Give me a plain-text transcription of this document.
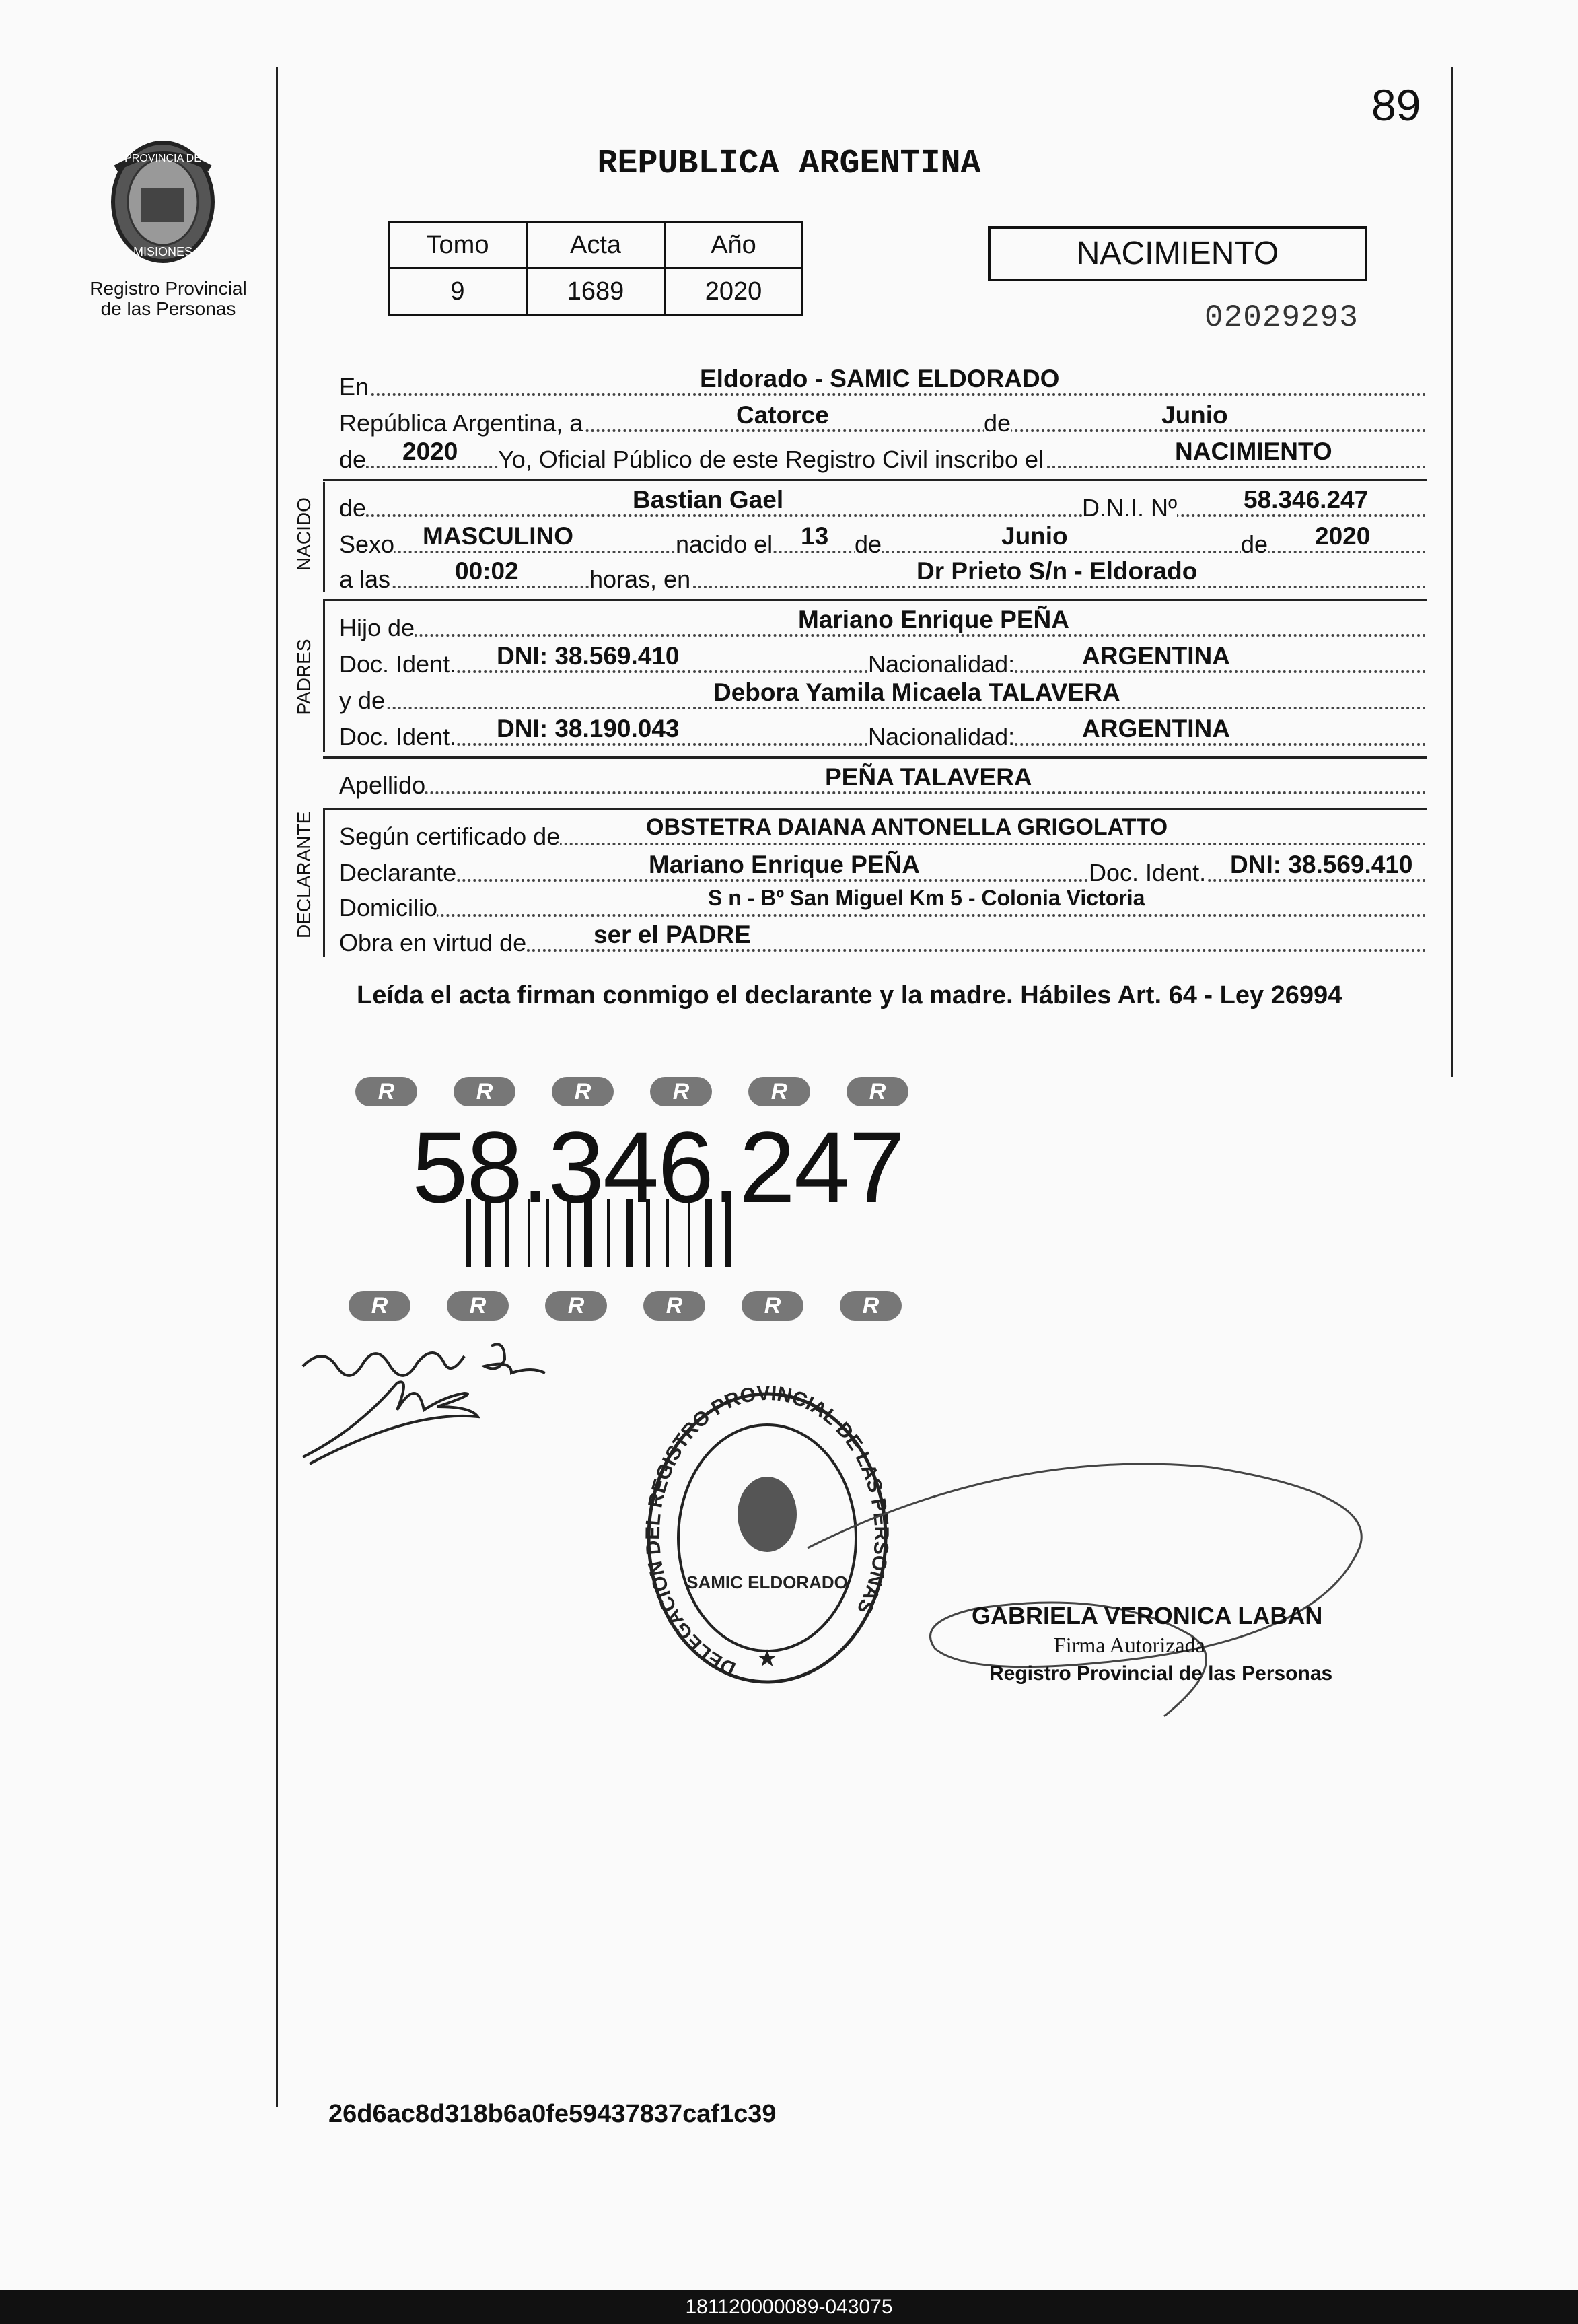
89
REPUBLICA ARGENTINA
PROVINCIA DE
MISIONES
Registro Provincial de las Personas
Tomo	Acta	Año
9	1689	2020
NACIMIENTO
02029293
En	Eldorado - SAMIC ELDORADO
República Argentina, a	Catorce	de	Junio
de 2020 Yo, Oficial Público de este Registro Civil inscribo el	NACIMIENTO
NACIDO de	Bastian Gael	D.N.I. Nº	58.346.247
Sexo MASCULINO	nacido el 13 de	Junio	de 2020
a las	00:02	horas, en	Dr Prieto S/n - Eldorado
PADRES
Hijo de	Mariano Enrique PEÑA
Doc. Ident. DNI: 38.569.410	Nacionalidad:	ARGENTINA
y de	Debora Yamila Micaela TALAVERA
Doc. Ident. DNI: 38.190.043	Nacionalidad:	ARGENTINA
Apellido	PEÑA TALAVERA
DECLARANTE Según certificado de	OBSTETRA DAIANA ANTONELLA GRIGOLATTO
Declarante	Mariano Enrique PEÑA	Doc. Ident. DNI: 38.569.410
Domicilio	S n - Bº San Miguel Km 5 - Colonia Victoria
Obra en virtud de	ser el PADRE
Leída el acta firman conmigo el declarante y la madre. Hábiles Art. 64 - Ley 26994
R	R	R	R	R	R
R	R	R	R	R	R
58.346.247
DELEGACION DEL REGISTRO PROVINCIAL DE LAS PERSONAS
SAMIC ELDORADO
★
GABRIELA VERONICA LABAN
Firma Autorizada
Registro Provincial de las Personas
26d6ac8d318b6a0fe59437837caf1c39
181120000089-043075
